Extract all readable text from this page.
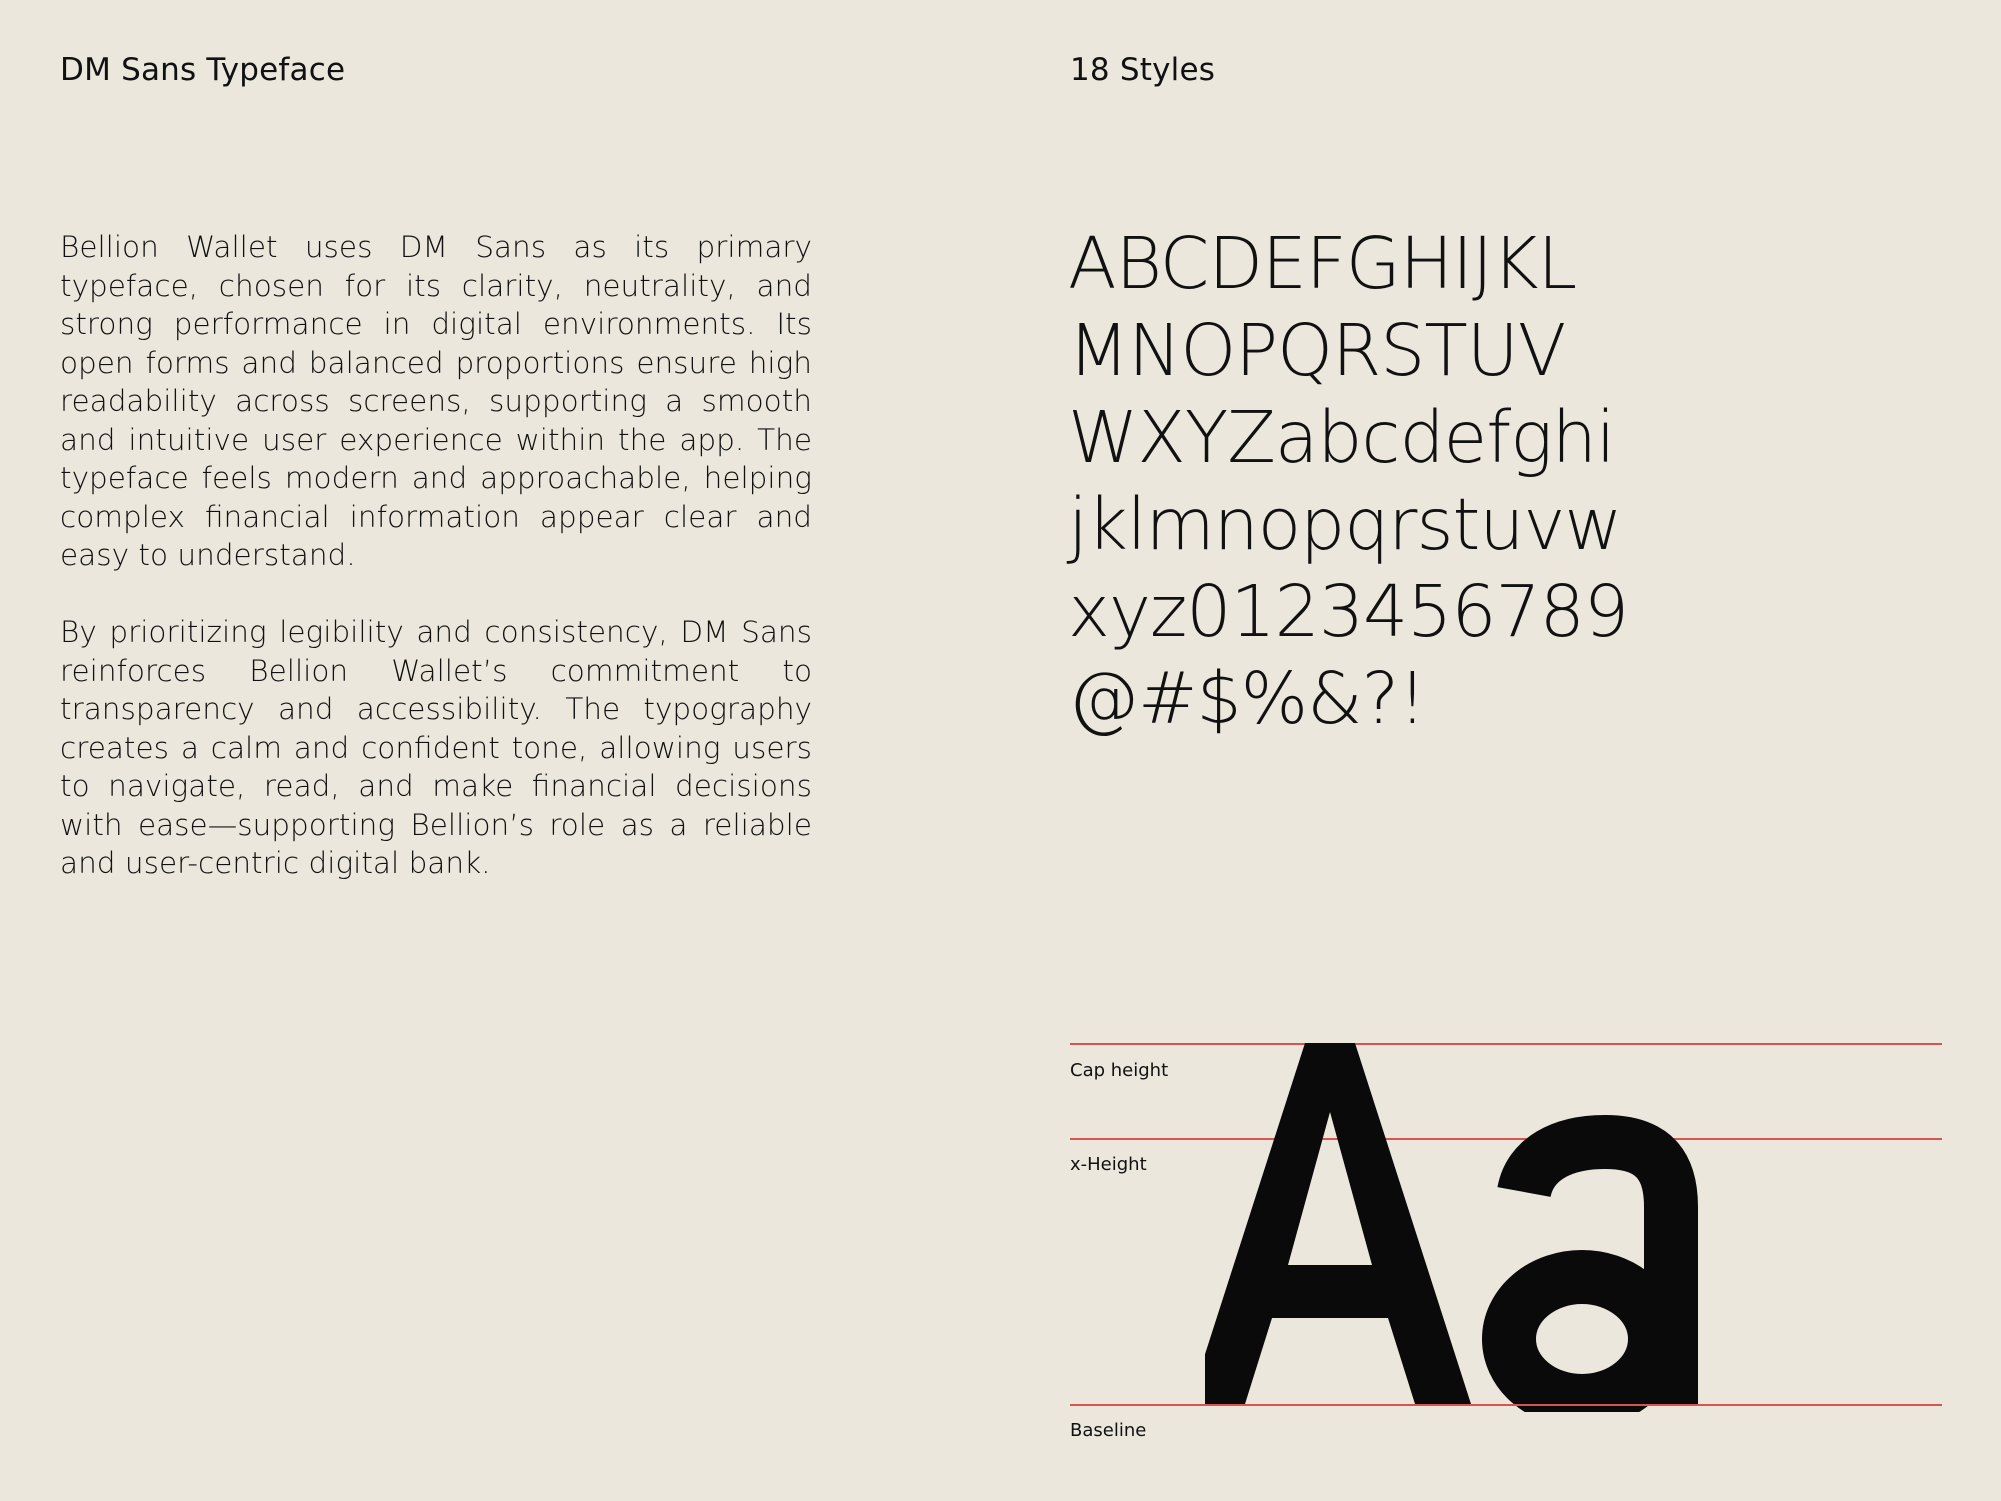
DM Sans Typeface	18 Styles

Bellion Wallet uses DM Sans as its primary typeface, chosen for its clarity, neutrality, and strong performance in digital environments. Its open forms and balanced proportions ensure high readability across screens, supporting a smooth and intuitive user experience within the app. The typeface feels modern and approachable, helping complex financial information appear clear and easy to understand.

By prioritizing legibility and consistency, DM Sans reinforces Bellion Wallet’s commitment to transparency and accessibility. The typography creates a calm and confident tone, allowing users to navigate, read, and make financial decisions with ease—supporting Bellion’s role as a reliable and user-centric digital bank.

ABCDEFGHIJKL
MNOPQRSTUV
WXYZabcdefghi
jklmnopqrstuvw
xyz0123456789
@#$%&?!
Cap height
x-Height
Baseline
